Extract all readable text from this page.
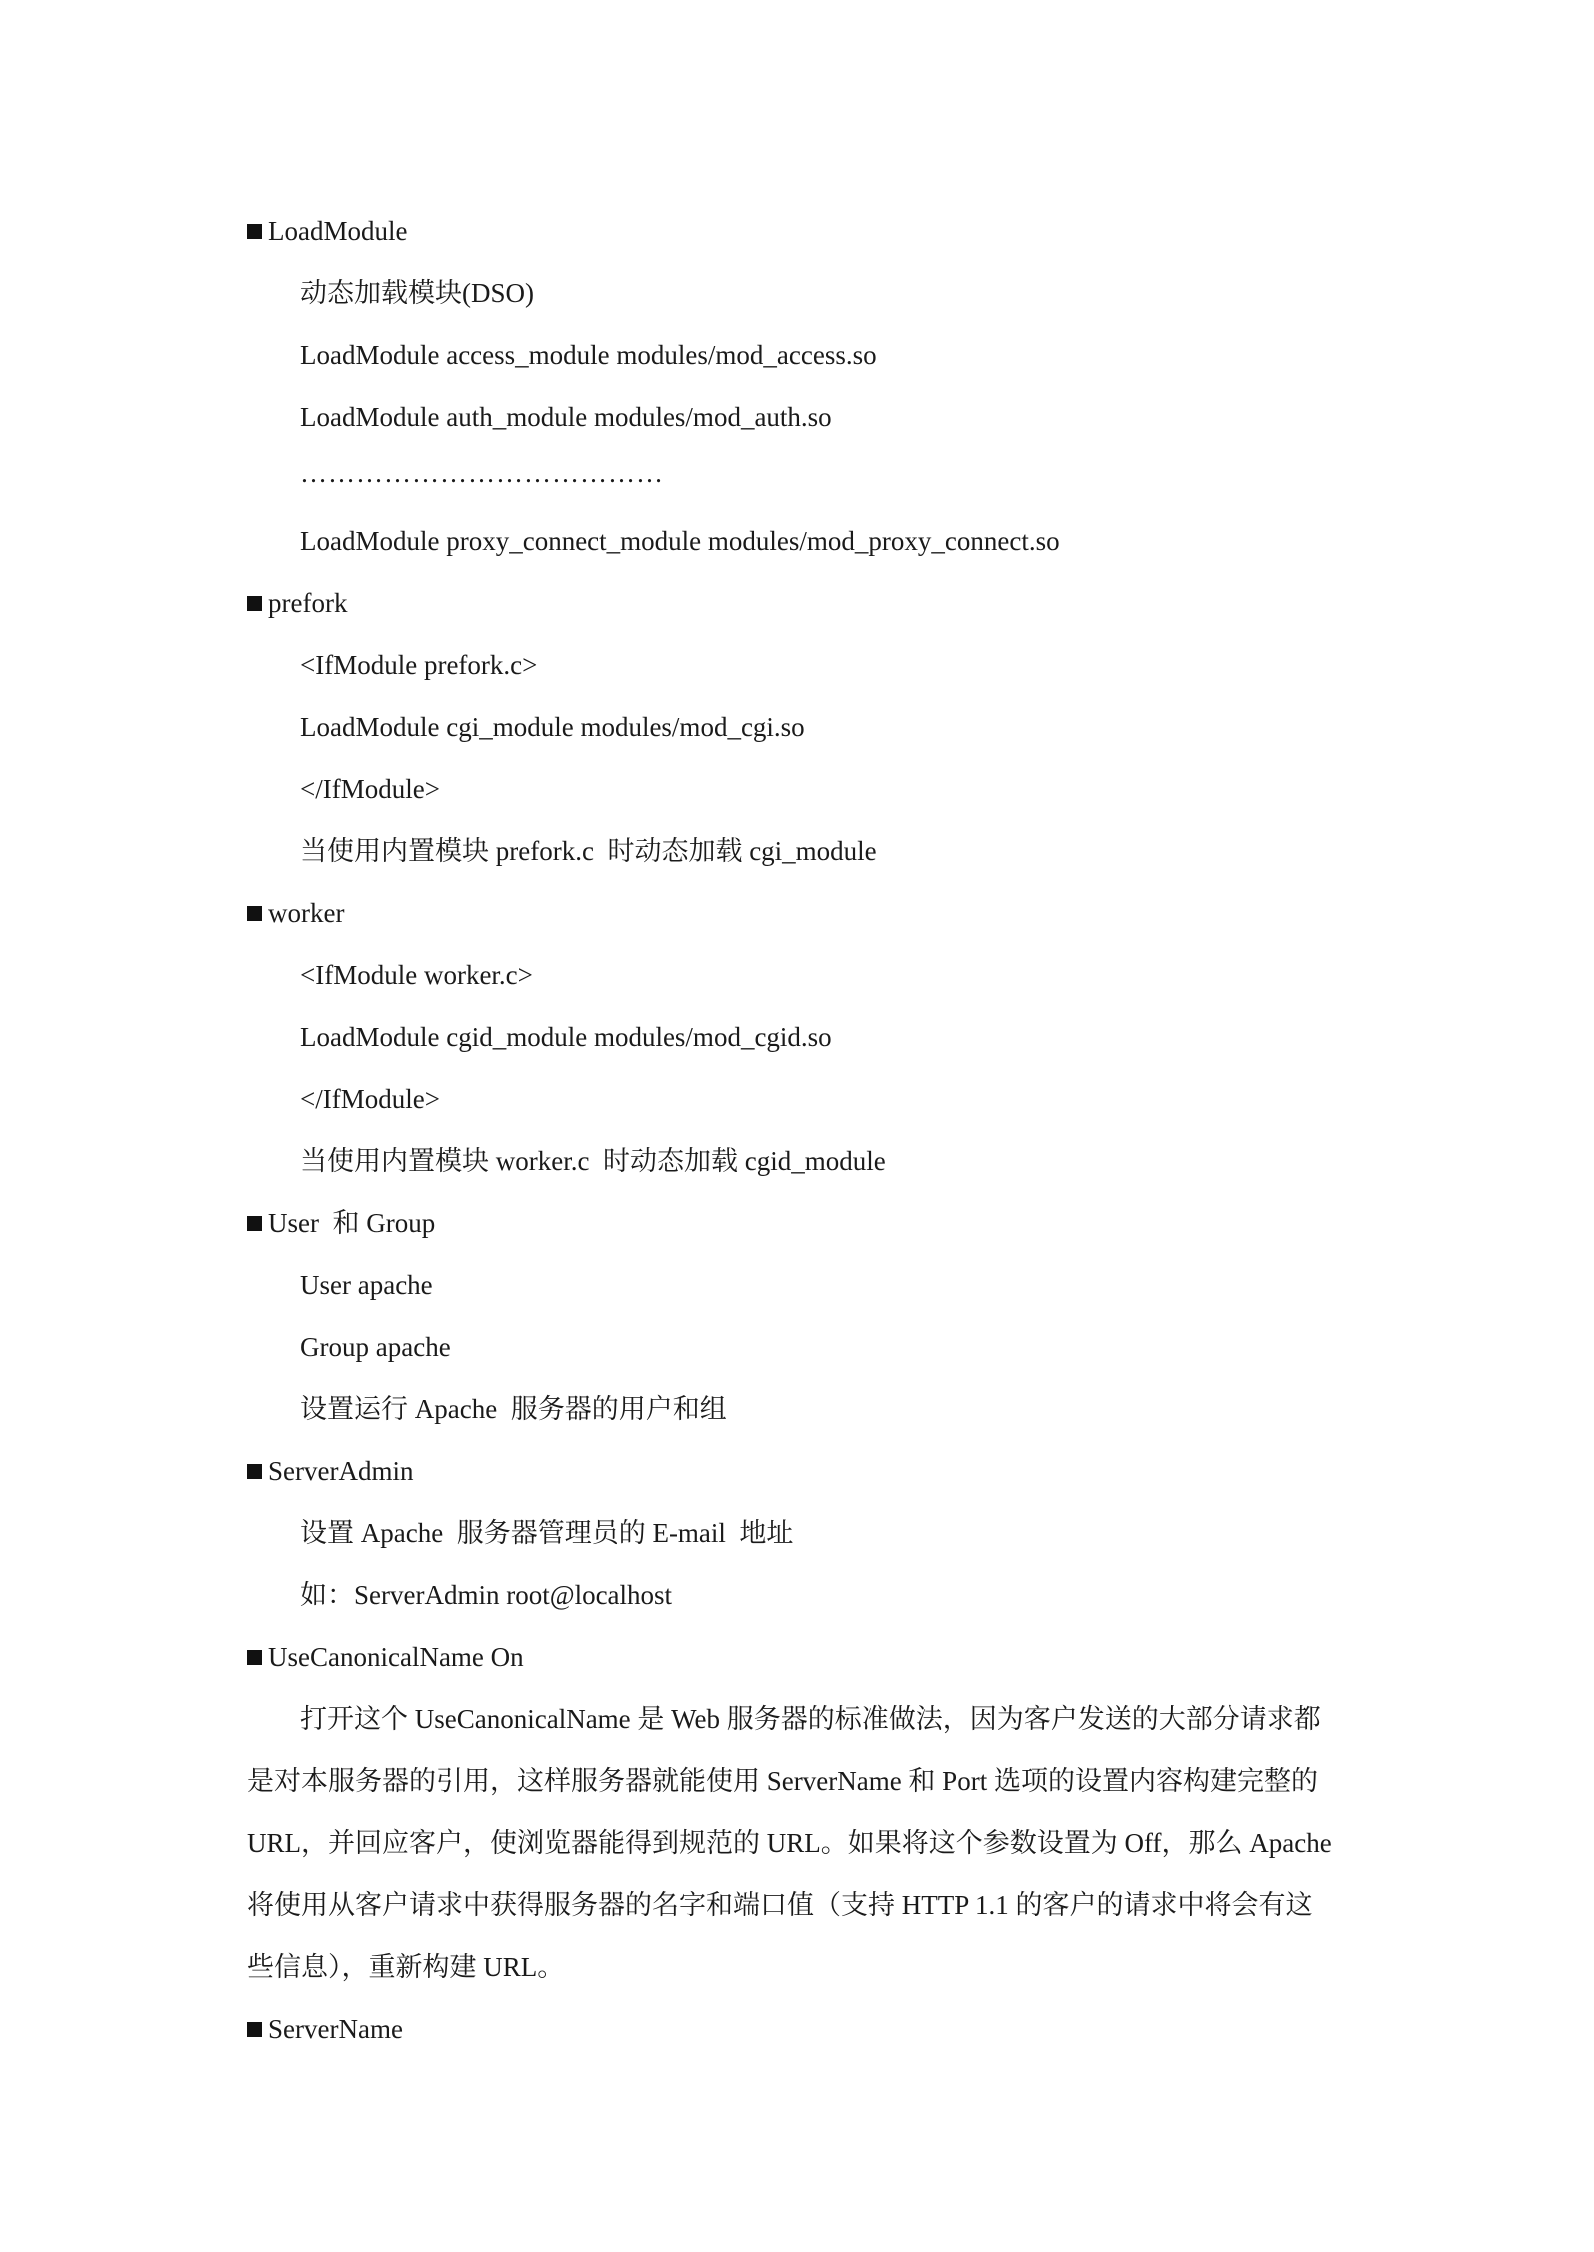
LoadModule
动态加载模块(DSO)
LoadModule access_module modules/mod_access.so
LoadModule auth_module modules/mod_auth.so
…………………………………
LoadModule proxy_connect_module modules/mod_proxy_connect.so
prefork
<IfModule prefork.c>
LoadModule cgi_module modules/mod_cgi.so
</IfModule>
当使用内置模块 prefork.c  时动态加载 cgi_module
worker
<IfModule worker.c>
LoadModule cgid_module modules/mod_cgid.so
</IfModule>
当使用内置模块 worker.c  时动态加载 cgid_module
User  和 Group
User apache
Group apache
设置运行 Apache  服务器的用户和组
ServerAdmin
设置 Apache  服务器管理员的 E-mail  地址
如：ServerAdmin root@localhost
UseCanonicalName On
打开这个 UseCanonicalName 是 Web 服务器的标准做法，因为客户发送的大部分请求都
是对本服务器的引用，这样服务器就能使用 ServerName 和 Port 选项的设置内容构建完整的
URL，并回应客户，使浏览器能得到规范的 URL。如果将这个参数设置为 Off，那么 Apache
将使用从客户请求中获得服务器的名字和端口值（支持 HTTP 1.1 的客户的请求中将会有这
些信息），重新构建 URL。
ServerName
